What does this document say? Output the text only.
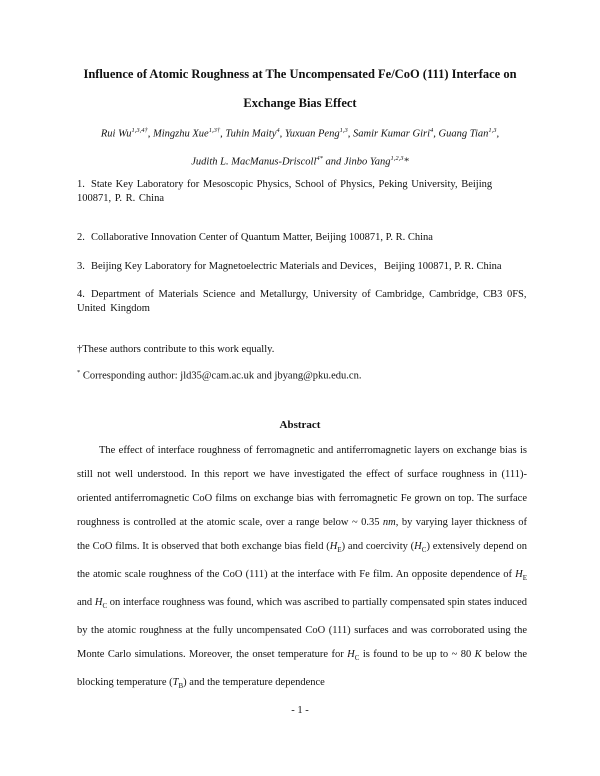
Influence of Atomic Roughness at The Uncompensated Fe/CoO (111) Interface on
Exchange Bias Effect
Rui $Wu^{1,3,4\dagger}$, Mingzhu Xue$^{1,3\dagger}$, Tuhin Maity$^4$, Yuxuan Peng$^{1,3}$, Samir Kumar Giri$^4$, Guang Tian$^{1,3}$,
Judith L. MacManus-Driscoll$^{4*}$ and Jinbo Yang$^{1,2,3}$*
1. State Key Laboratory for Mesoscopic Physics, School of Physics, Peking University, Beijing 100871, P. R. China
2. Collaborative Innovation Center of Quantum Matter, Beijing 100871, P. R. China
3. Beijing Key Laboratory for Magnetoelectric Materials and Devices，Beijing 100871, P. R. China
4. Department of Materials Science and Metallurgy, University of Cambridge, Cambridge, CB3 0FS, United Kingdom
†These authors contribute to this work equally.
* Corresponding author: jld35@cam.ac.uk and jbyang@pku.edu.cn.
Abstract
The effect of interface roughness of ferromagnetic and antiferromagnetic layers on exchange bias is still not well understood. In this report we have investigated the effect of surface roughness in (111)-oriented antiferromagnetic CoO films on exchange bias with ferromagnetic Fe grown on top. The surface roughness is controlled at the atomic scale, over a range below ~ 0.35 nm, by varying layer thickness of the CoO films. It is observed that both exchange bias field $(H_E)$ and coercivity $(H_C)$ extensively depend on the atomic scale roughness of the CoO (111) at the interface with Fe film. An opposite dependence of $H_E$ and $H_C$ on interface roughness was found, which was ascribed to partially compensated spin states induced by the atomic roughness at the fully uncompensated CoO (111) surfaces and was corroborated using the Monte Carlo simulations. Moreover, the onset temperature for $H_C$ is found to be up to ~ 80 K below the blocking temperature $(T_B)$ and the temperature dependence
- 1 -
